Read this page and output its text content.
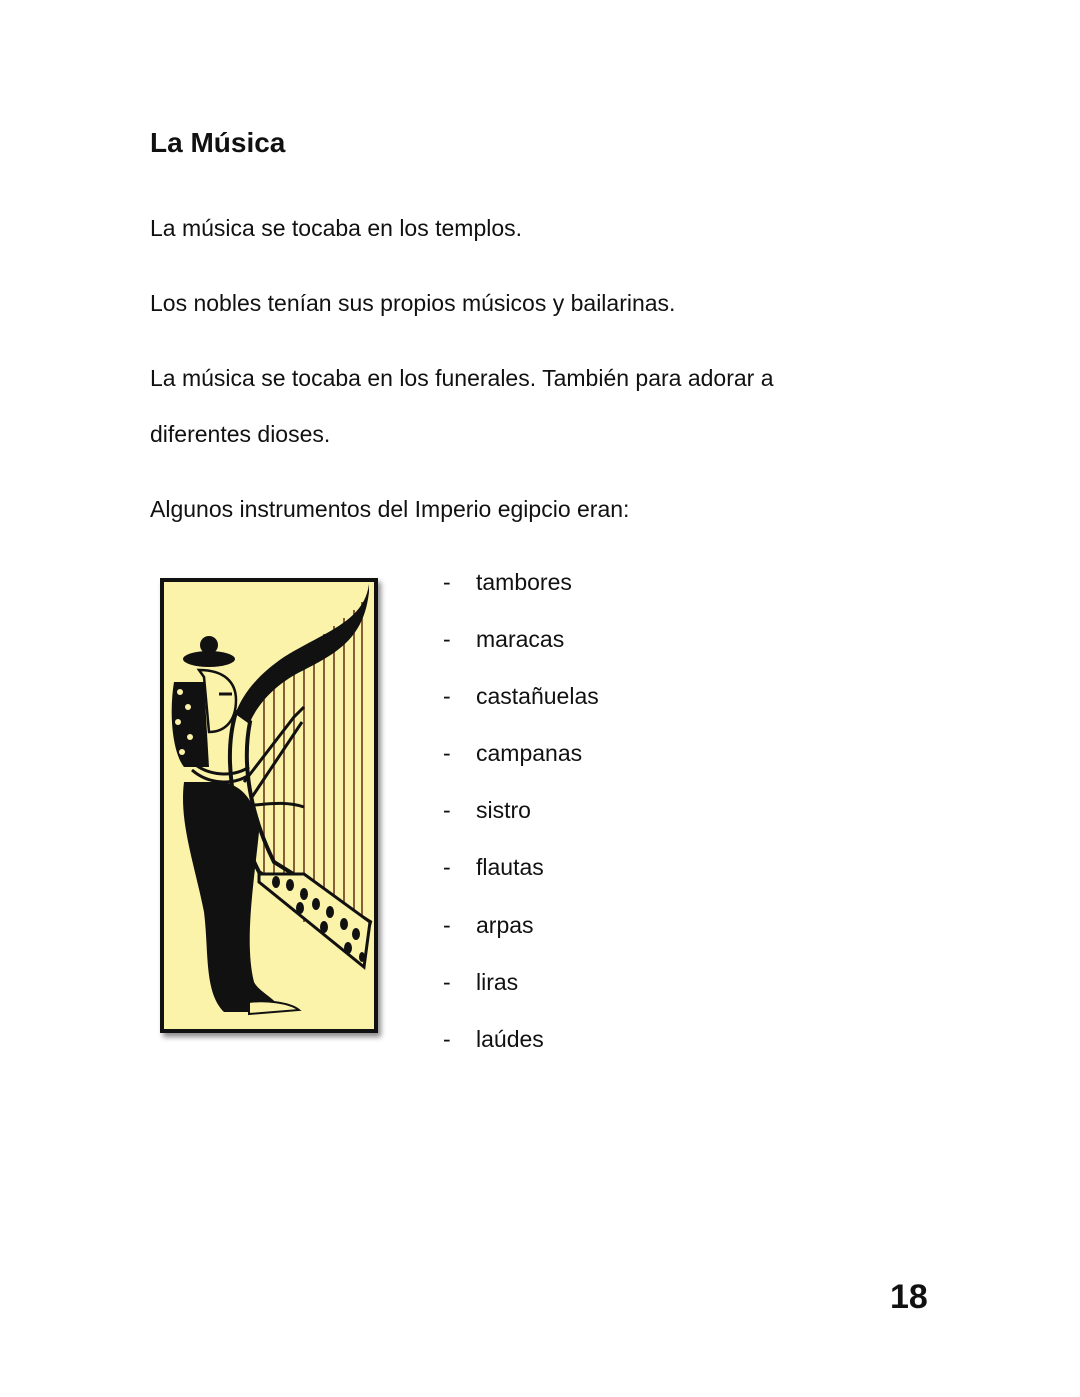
La Música

La música se tocaba en los templos.

Los nobles tenían sus propios músicos y bailarinas.

La música se tocaba en los funerales. También para adorar a

diferentes dioses.

Algunos instrumentos del Imperio egipcio eran:

-	tambores
-	maracas
-	castañuelas
-	campanas
-	sistro
-	flautas
-	arpas
-	liras
-	laúdes
18
